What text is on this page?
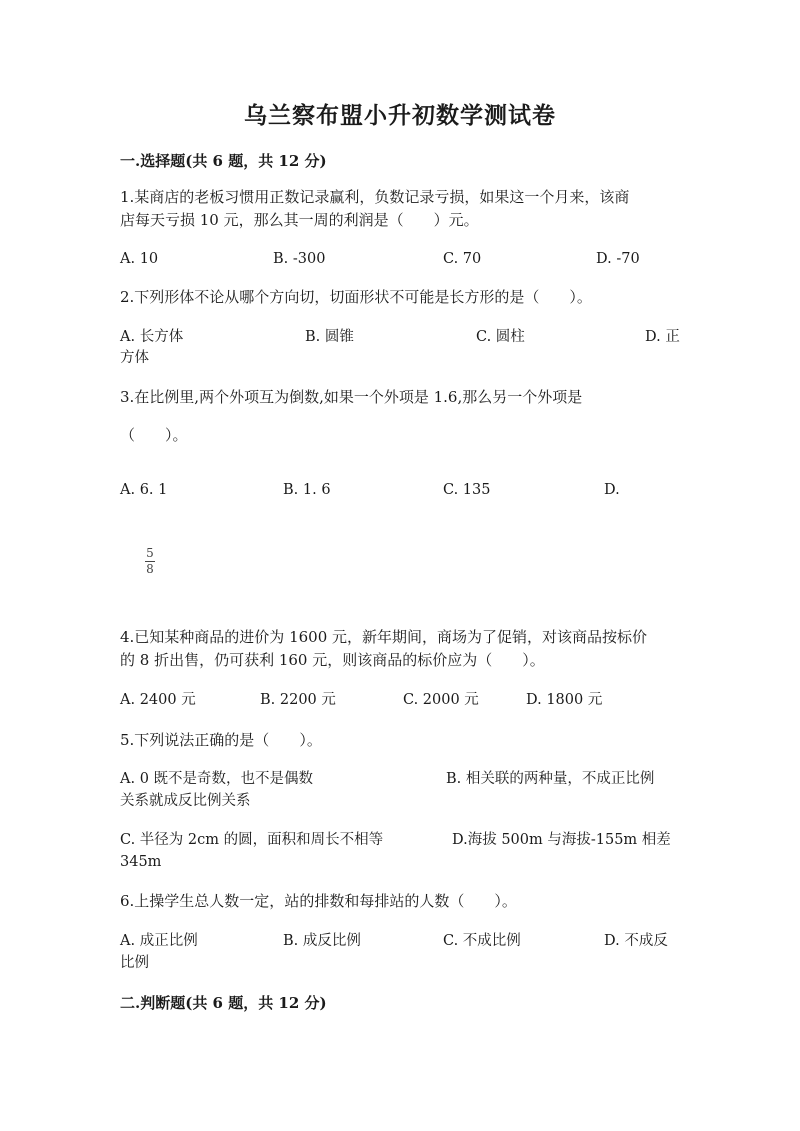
乌兰察布盟小升初数学测试卷
一.选择题(共 6 题，共 12 分)
1.某商店的老板习惯用正数记录赢利，负数记录亏损，如果这一个月来，该商
店每天亏损 10 元，那么其一周的利润是（　　）元。
A. 10	B. -300	C. 70	D. -70
2.下列形体不论从哪个方向切，切面形状不可能是长方形的是（　　）。
A. 长方体	B. 圆锥	C. 圆柱	D. 正
方体
3.在比例里,两个外项互为倒数,如果一个外项是 1.6,那么另一个外项是
（　　）。
A. 6. 1	B. 1. 6	C. 135	D.
5
8
4.已知某种商品的进价为 1600 元，新年期间，商场为了促销，对该商品按标价
的 8 折出售，仍可获利 160 元，则该商品的标价应为（　　）。
A. 2400 元	B. 2200 元	C. 2000 元	D. 1800 元
5.下列说法正确的是（　　）。
A. 0 既不是奇数，也不是偶数	B. 相关联的两种量，不成正比例
关系就成反比例关系
C. 半径为 2cm 的圆，面积和周长不相等	D.海拔 500m 与海拔-155m 相差
345m
6.上操学生总人数一定，站的排数和每排站的人数（　　）。
A. 成正比例	B. 成反比例	C. 不成比例	D. 不成反
比例
二.判断题(共 6 题，共 12 分)
